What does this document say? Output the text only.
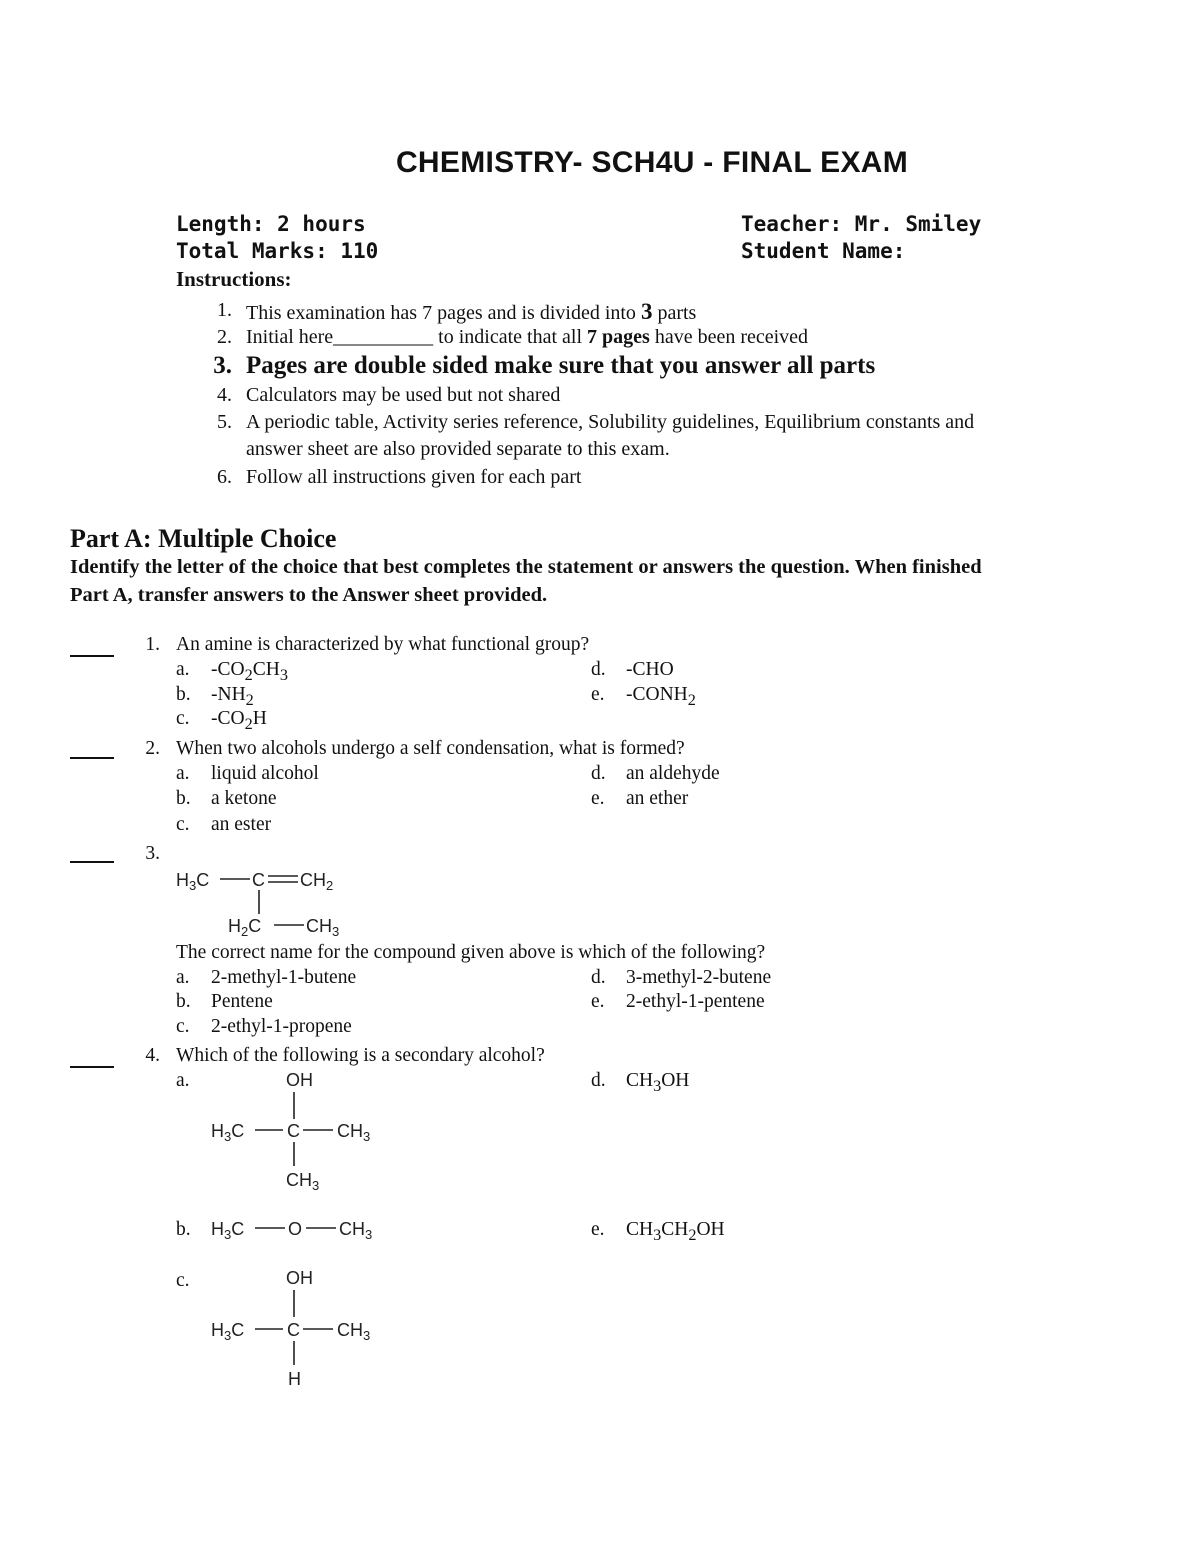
CHEMISTRY- SCH4U - FINAL EXAM
Length: 2 hours
Total Marks: 110
Teacher: Mr. Smiley
Student Name:
Instructions:
1. This examination has 7 pages and is divided into 3 parts
2. Initial here__________ to indicate that all 7 pages have been received
3. Pages are double sided make sure that you answer all parts
4. Calculators may be used but not shared
5. A periodic table, Activity series reference, Solubility guidelines, Equilibrium constants and
answer sheet are also provided separate to this exam.
6. Follow all instructions given for each part
Part A: Multiple Choice
Identify the letter of the choice that best completes the statement or answers the question. When finished
Part A, transfer answers to the Answer sheet provided.
1. An amine is characterized by what functional group?
a. $-CO_2CH_3$
b. $-NH_2$
c. $-CO_2H$
d. -CHO
e. $-CONH_2$
2. When two alcohols undergo a self condensation, what is formed?
a. liquid alcohol
b. a ketone
c. an ester
d. an aldehyde
e. an ether
3.
H3C C CH2
H2C CH3
The correct name for the compound given above is which of the following?
a. 2-methyl-1-butene
b. Pentene
c. 2-ethyl-1-propene
d. 3-methyl-2-butene
e. 2-ethyl-1-pentene
4. Which of the following is a secondary alcohol?
a.	OH
H3C C CH3
CH3
b. H3C O CH3
c.	OH
H3C C CH3
H
d. $CH_3OH$
e. $CH_3CH_2OH$
